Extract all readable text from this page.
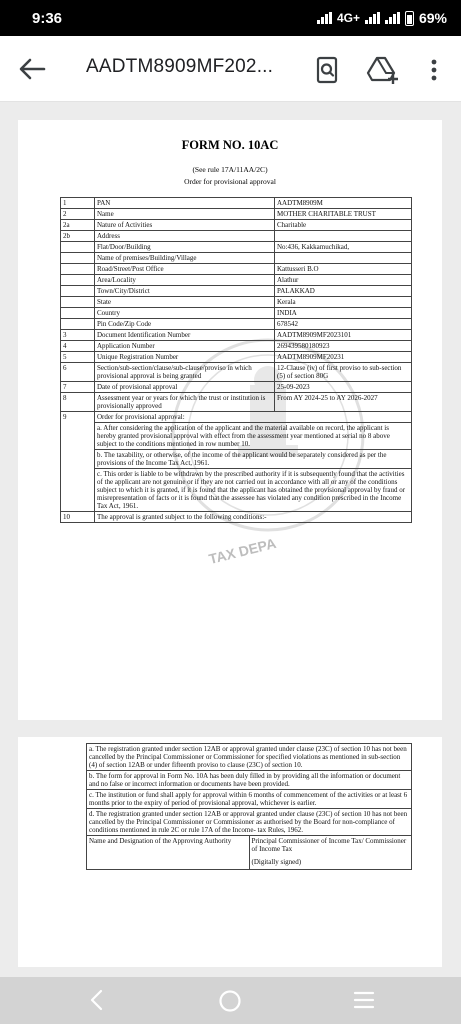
9:36	4G+	69%
AADTM8909MF202...
FORM NO. 10AC
(See rule 17A/11AA/2C)
Order for provisional approval
TAX DEPA
1	PAN	AADTM8909M
2	Name	MOTHER CHARITABLE TRUST
2a	Nature of Activities	Charitable
2b	Address	
	Flat/Door/Building	No:436, Kakkamuchikad,
	Name of premises/Building/Village	
	Road/Street/Post Office	Kattusseri B.O
	Area/Locality	Alathur
	Town/City/District	PALAKKAD
	State	Kerala
	Country	INDIA
	Pin Code/Zip Code	678542
3	Document Identification Number	AADTM8909MF2023101
4	Application Number	269439580180923
5	Unique Registration Number	AADTM8909MF20231
6	Section/sub-section/clause/sub-clause/proviso in which provisional approval is being granted	12-Clause (iv) of first proviso to sub-section (5) of section 80G
7	Date of provisional approval	25-09-2023
8	Assessment year or years for which the trust or institution is provisionally approved	From AY 2024-25 to AY 2026-2027
9	Order for provisional approval:	
	a. After considering the application of the applicant and the material available on record, the applicant is hereby granted provisional approval with effect from the assessment year mentioned at serial no 8 above subject to the conditions mentioned in row number 10.	
	b. The taxability, or otherwise, of the income of the applicant would be separately considered as per the provisions of the Income Tax Act, 1961.	
	c. This order is liable to be withdrawn by the prescribed authority if it is subsequently found that the activities of the applicant are not genuine or if they are not carried out in accordance with all or any of the conditions subject to which it is granted, if it is found that the applicant has obtained the provisional approval by fraud or misrepresentation of facts or it is found that the assessee has violated any condition prescribed in the Income Tax Act, 1961.	
10	The approval is granted subject to the following conditions:-	
a. The registration granted under section 12AB or approval granted under clause (23C) of section 10 has not been cancelled by the Principal Commissioner or Commissioner for specified violations as mentioned in sub-section (4) of section 12AB or under fifteenth proviso to clause (23C) of section 10.
b. The form for approval in Form No. 10A has been duly filled in by providing all the information or document and no false or incorrect information or documents have been provided.
c. The institution or fund shall apply for approval within 6 months of commencement of the activities or at least 6 months prior to the expiry of period of provisional approval, whichever is earlier.
d. The registration granted under section 12AB or approval granted under clause (23C) of section 10 has not been cancelled by the Principal Commissioner or Commissioner as authorised by the Board for non-compliance of conditions mentioned in rule 2C or rule 17A of the Income- tax Rules, 1962.
Name and Designation of the Approving Authority	Principal Commissioner of Income Tax/ Commissioner of Income Tax
(Digitally signed)
